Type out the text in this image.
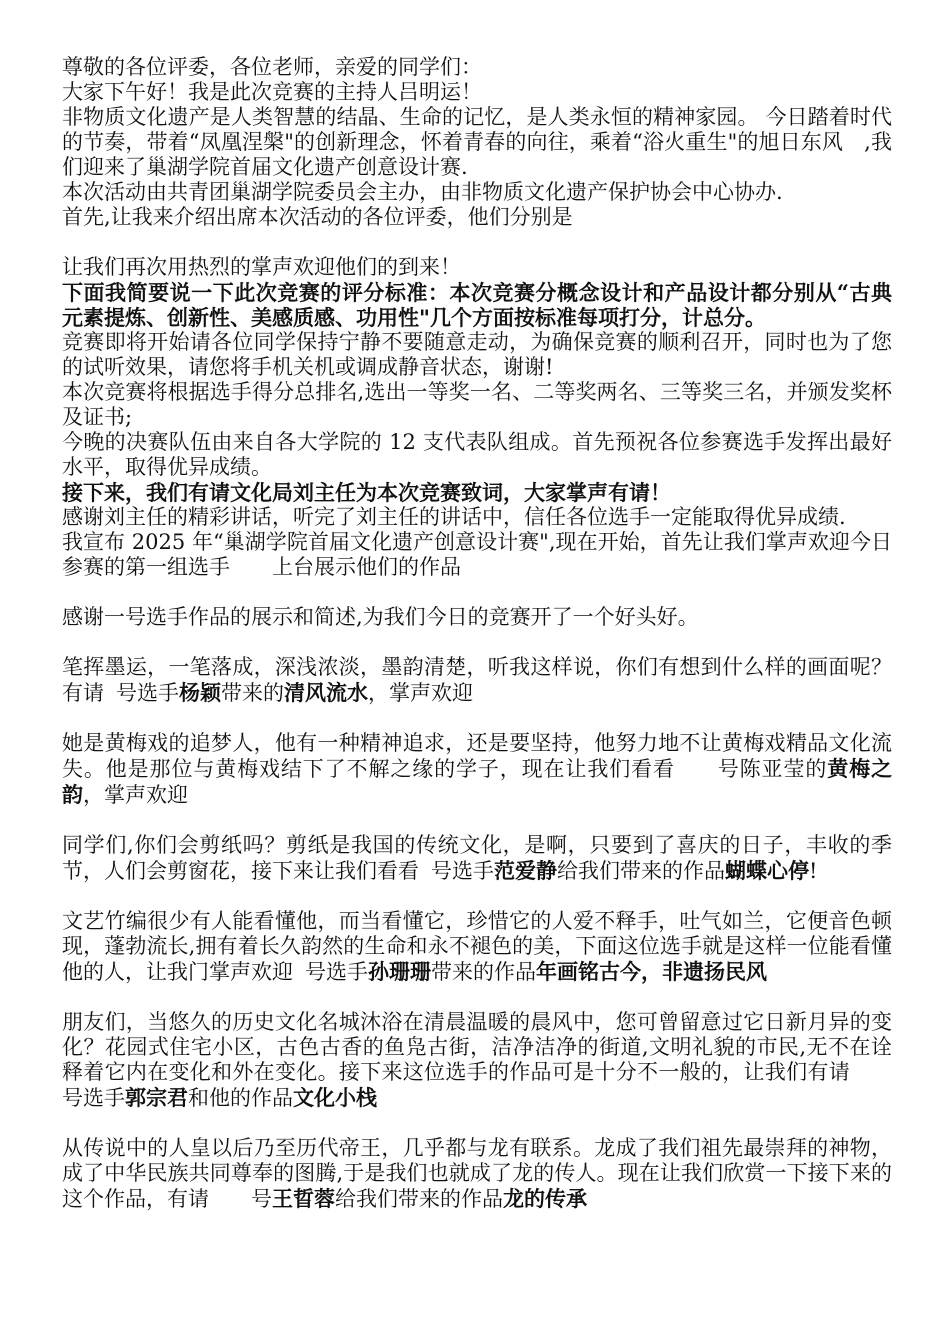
尊敬的各位评委，各位老师，亲爱的同学们：

大家下午好！我是此次竞赛的主持人吕明运！

非物质文化遗产是人类智慧的结晶、生命的记忆，是人类永恒的精神家园。 今日踏着时代的节奏，带着“凤凰涅槃"的创新理念，怀着青春的向往，乘着“浴火重生"的旭日东风　,我们迎来了巢湖学院首届文化遗产创意设计赛.

本次活动由共青团巢湖学院委员会主办，由非物质文化遗产保护协会中心协办.

首先,让我来介绍出席本次活动的各位评委，他们分别是

让我们再次用热烈的掌声欢迎他们的到来！

下面我简要说一下此次竞赛的评分标准：本次竞赛分概念设计和产品设计都分别从“古典元素提炼、创新性、美感质感、功用性"几个方面按标准每项打分，计总分。

竞赛即将开始请各位同学保持宁静不要随意走动，为确保竞赛的顺利召开，同时也为了您的试听效果，请您将手机关机或调成静音状态，谢谢!

本次竞赛将根据选手得分总排名,选出一等奖一名、二等奖两名、三等奖三名，并颁发奖杯及证书;

今晚的决赛队伍由来自各大学院的 12 支代表队组成。首先预祝各位参赛选手发挥出最好水平，取得优异成绩。

接下来，我们有请文化局刘主任为本次竞赛致词，大家掌声有请！

感谢刘主任的精彩讲话，听完了刘主任的讲话中，信任各位选手一定能取得优异成绩.

我宣布 2025 年“巢湖学院首届文化遗产创意设计赛",现在开始，首先让我们掌声欢迎今日参赛的第一组选手 上台展示他们的作品

感谢一号选手作品的展示和简述,为我们今日的竞赛开了一个好头好。

笔挥墨运，一笔落成，深浅浓淡，墨韵清楚，听我这样说，你们有想到什么样的画面呢？有请 号选手杨颖带来的清风流水，掌声欢迎

她是黄梅戏的追梦人，他有一种精神追求，还是要坚持，他努力地不让黄梅戏精品文化流失。他是那位与黄梅戏结下了不解之缘的学子，现在让我们看看 号陈亚莹的黄梅之韵，掌声欢迎

同学们,你们会剪纸吗？剪纸是我国的传统文化，是啊，只要到了喜庆的日子，丰收的季节，人们会剪窗花，接下来让我们看看 号选手范爱静给我们带来的作品蝴蝶心停!

文艺竹编很少有人能看懂他，而当看懂它，珍惜它的人爱不释手，吐气如兰，它便音色顿现，蓬勃流长,拥有着长久韵然的生命和永不褪色的美，下面这位选手就是这样一位能看懂他的人，让我门掌声欢迎 号选手孙珊珊带来的作品年画铭古今，非遗扬民风

朋友们，当悠久的历史文化名城沐浴在清晨温暖的晨风中，您可曾留意过它日新月异的变化？花园式住宅小区，古色古香的鱼凫古街，洁净洁净的街道,文明礼貌的市民,无不在诠释着它内在变化和外在变化。接下来这位选手的作品可是十分不一般的，让我们有请号选手郭宗君和他的作品文化小栈

从传说中的人皇以后乃至历代帝王，几乎都与龙有联系。龙成了我们祖先最崇拜的神物，成了中华民族共同尊奉的图腾,于是我们也就成了龙的传人。现在让我们欣赏一下接下来的这个作品，有请 号王晢蓉给我们带来的作品龙的传承
